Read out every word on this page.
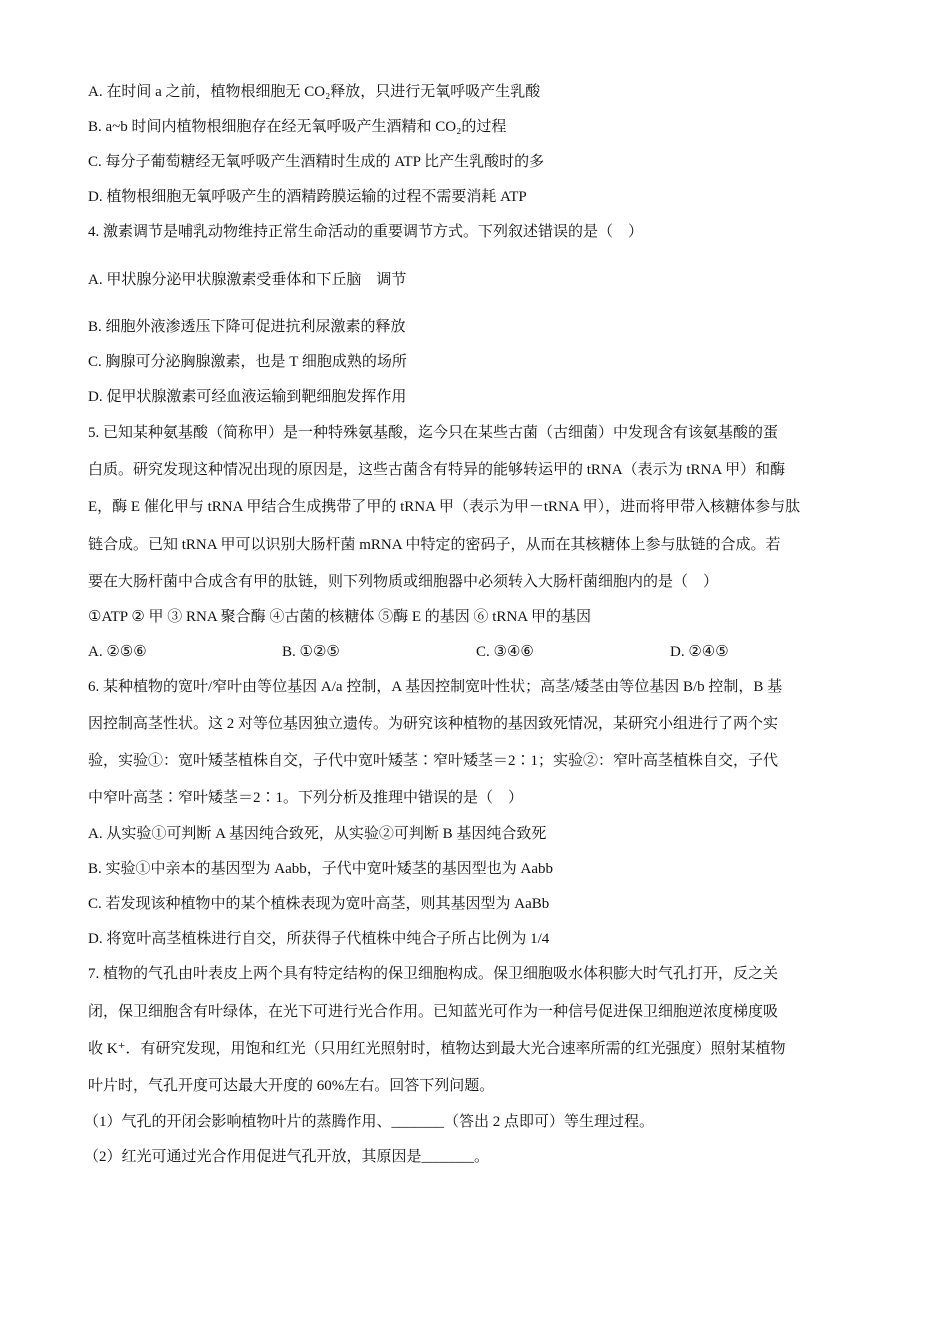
A. 在时间 a 之前，植物根细胞无 CO₂释放，只进行无氧呼吸产生乳酸
B. a~b 时间内植物根细胞存在经无氧呼吸产生酒精和 CO₂的过程
C. 每分子葡萄糖经无氧呼吸产生酒精时生成的 ATP 比产生乳酸时的多
D. 植物根细胞无氧呼吸产生的酒精跨膜运输的过程不需要消耗 ATP
4. 激素调节是哺乳动物维持正常生命活动的重要调节方式。下列叙述错误的是（　）
A. 甲状腺分泌甲状腺激素受垂体和下丘脑　调节
B. 细胞外液渗透压下降可促进抗利尿激素的释放
C. 胸腺可分泌胸腺激素，也是 T 细胞成熟的场所
D. 促甲状腺激素可经血液运输到靶细胞发挥作用
5. 已知某种氨基酸（简称甲）是一种特殊氨基酸，迄今只在某些古菌（古细菌）中发现含有该氨基酸的蛋
白质。研究发现这种情况出现的原因是，这些古菌含有特异的能够转运甲的 tRNA（表示为 tRNA 甲）和酶
E，酶 E 催化甲与 tRNA 甲结合生成携带了甲的 tRNA 甲（表示为甲－tRNA 甲），进而将甲带入核糖体参与肽
链合成。已知 tRNA 甲可以识别大肠杆菌 mRNA 中特定的密码子，从而在其核糖体上参与肽链的合成。若
要在大肠杆菌中合成含有甲的肽链，则下列物质或细胞器中必须转入大肠杆菌细胞内的是（　）
①ATP ② 甲 ③ RNA 聚合酶 ④古菌的核糖体 ⑤酶 E 的基因 ⑥ tRNA 甲的基因
A. ②⑤⑥	B. ①②⑤	C. ③④⑥	D. ②④⑤
6. 某种植物的宽叶/窄叶由等位基因 A/a 控制，A 基因控制宽叶性状；高茎/矮茎由等位基因 B/b 控制，B 基
因控制高茎性状。这 2 对等位基因独立遗传。为研究该种植物的基因致死情况，某研究小组进行了两个实
验，实验①：宽叶矮茎植株自交，子代中宽叶矮茎∶窄叶矮茎＝2∶1；实验②：窄叶高茎植株自交，子代
中窄叶高茎∶窄叶矮茎＝2∶1。下列分析及推理中错误的是（　）
A. 从实验①可判断 A 基因纯合致死，从实验②可判断 B 基因纯合致死
B. 实验①中亲本的基因型为 Aabb，子代中宽叶矮茎的基因型也为 Aabb
C. 若发现该种植物中的某个植株表现为宽叶高茎，则其基因型为 AaBb
D. 将宽叶高茎植株进行自交，所获得子代植株中纯合子所占比例为 1/4
7. 植物的气孔由叶表皮上两个具有特定结构的保卫细胞构成。保卫细胞吸水体积膨大时气孔打开，反之关
闭，保卫细胞含有叶绿体，在光下可进行光合作用。已知蓝光可作为一种信号促进保卫细胞逆浓度梯度吸
收 K⁺．有研究发现，用饱和红光（只用红光照射时，植物达到最大光合速率所需的红光强度）照射某植物
叶片时，气孔开度可达最大开度的 60%左右。回答下列问题。
（1）气孔的开闭会影响植物叶片的蒸腾作用、_______（答出 2 点即可）等生理过程。
（2）红光可通过光合作用促进气孔开放，其原因是_______。
